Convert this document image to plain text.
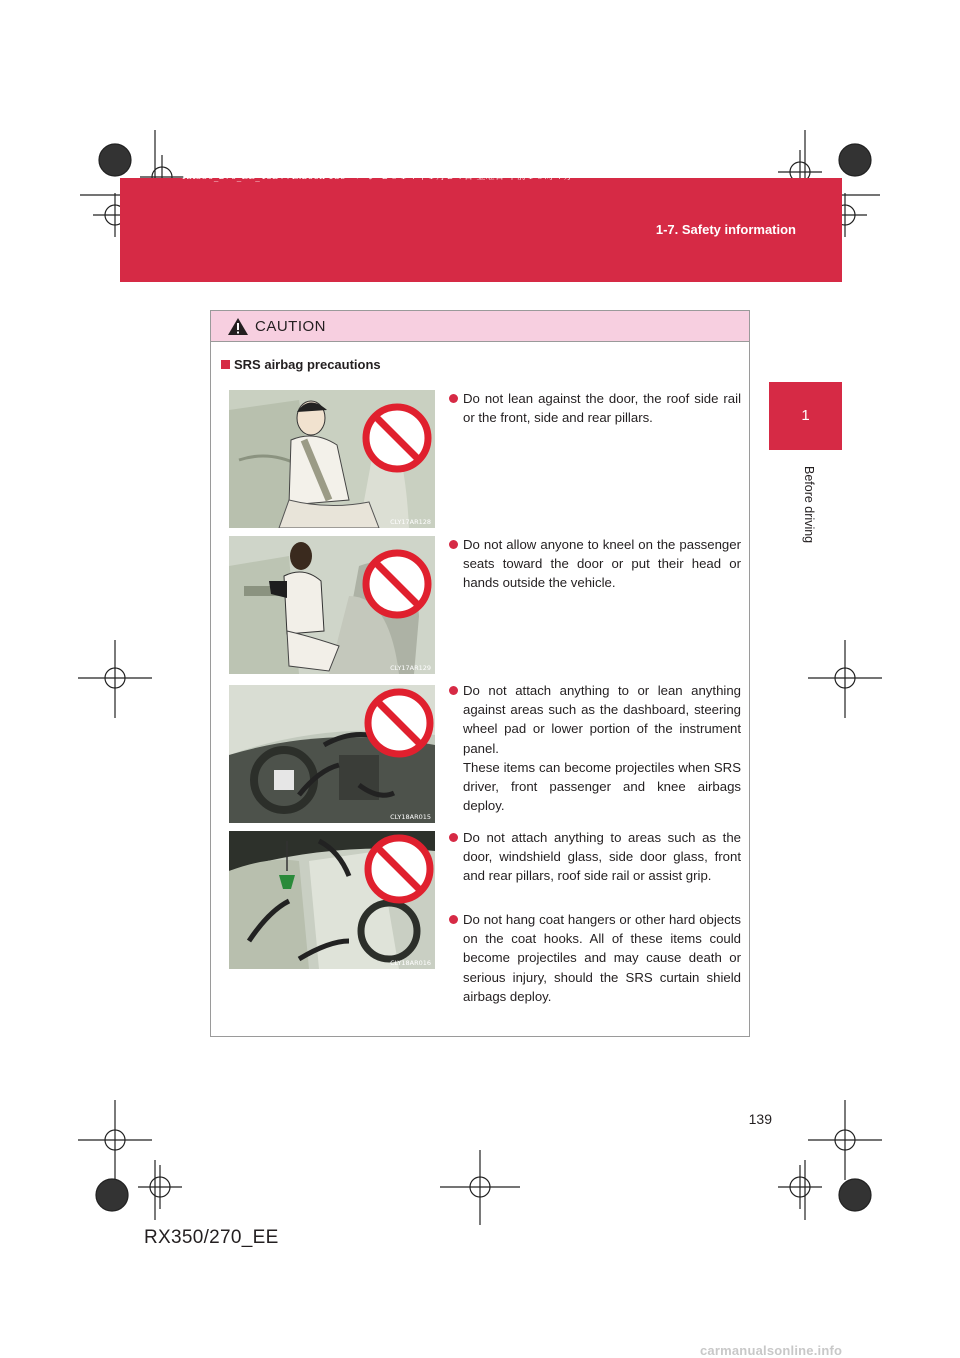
RX350_270_EE_48D77E.book 139 ページ ２０１４年１月２４日 金曜日 午前１０時４分
1-7. Safety information
1
Before driving
CAUTION
SRS airbag precautions
CLY17AR128
CLY17AR129
CLY18AR015
CLY18AR016
Do not lean against the door, the roof side rail or the front, side and rear pillars.
Do not allow anyone to kneel on the passenger seats toward the door or put their head or hands outside the vehicle.
Do not attach anything to or lean anything against areas such as the dashboard, steering wheel pad or lower portion of the instrument panel.
These items can become projectiles when SRS driver, front passenger and knee airbags deploy.
Do not attach anything to areas such as the door, windshield glass, side door glass, front and rear pillars, roof side rail or assist grip.
Do not hang coat hangers or other hard objects on the coat hooks. All of these items could become projectiles and may cause death or serious injury, should the SRS curtain shield airbags deploy.
139
RX350/270_EE
carmanualsonline.info
